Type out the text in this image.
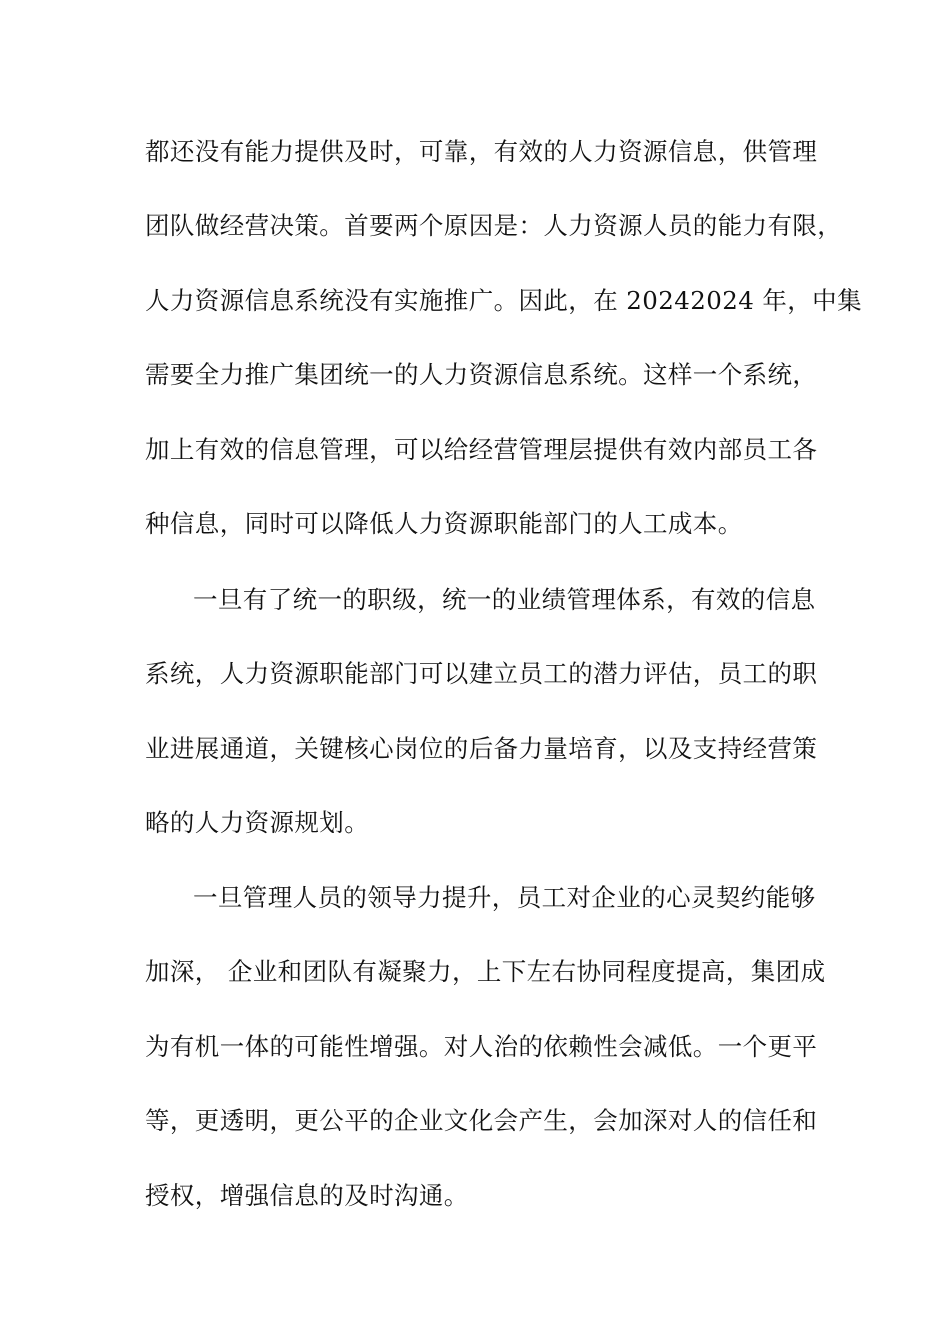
都还没有能力提供及时，可靠，有效的人力资源信息，供管理
团队做经营决策。首要两个原因是：人力资源人员的能力有限，
人力资源信息系统没有实施推广。因此，在 20242024 年，中集
需要全力推广集团统一的人力资源信息系统。这样一个系统，
加上有效的信息管理，可以给经营管理层提供有效内部员工各
种信息，同时可以降低人力资源职能部门的人工成本。
一旦有了统一的职级，统一的业绩管理体系，有效的信息
系统，人力资源职能部门可以建立员工的潜力评估，员工的职
业进展通道，关键核心岗位的后备力量培育，以及支持经营策
略的人力资源规划。
一旦管理人员的领导力提升，员工对企业的心灵契约能够
加深， 企业和团队有凝聚力，上下左右协同程度提高，集团成
为有机一体的可能性增强。对人治的依赖性会减低。一个更平
等，更透明，更公平的企业文化会产生，会加深对人的信任和
授权，增强信息的及时沟通。
